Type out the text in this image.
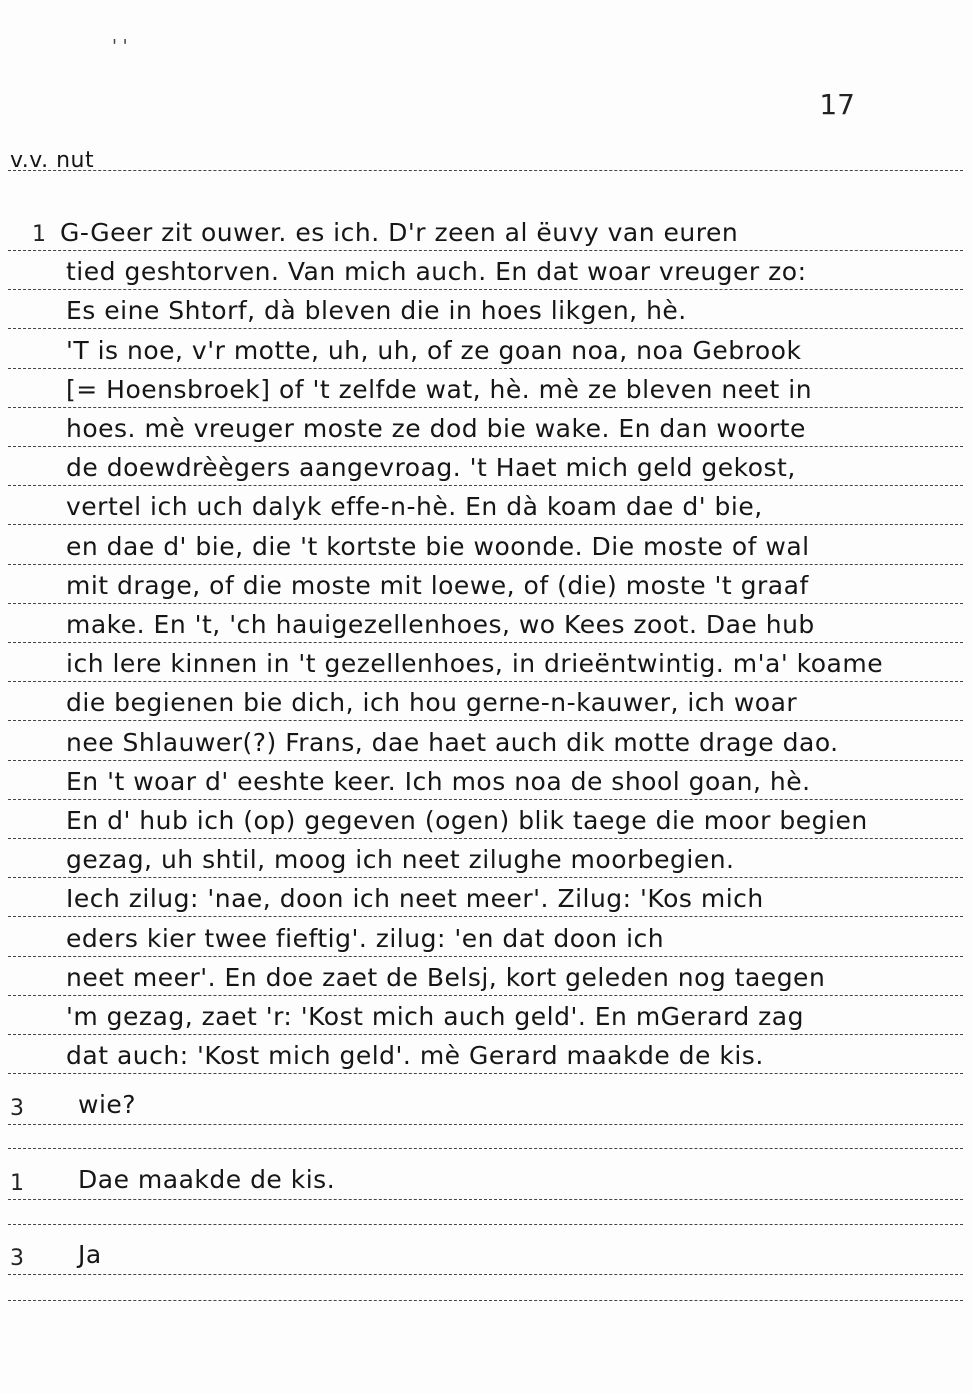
' '
17
v.v. nut
1 G-Geer zit ouwer. es ich. D'r zeen al ëuvy van euren
tied geshtorven. Van mich auch. En dat woar vreuger zo:
Es eine Shtorf, dà bleven die in hoes likgen, hè.
'T is noe, v'r motte, uh, uh, of ze goan noa, noa Gebrook
[= Hoensbroek] of 't zelfde wat, hè. mè ze bleven neet in
hoes. mè vreuger moste ze dod bie wake. En dan woorte
de doewdrèègers aangevroag. 't Haet mich geld gekost,
vertel ich uch dalyk effe-n-hè. En dà koam dae d' bie,
en dae d' bie, die 't kortste bie woonde. Die moste of wal
mit drage, of die moste mit loewe, of (die) moste 't graaf
make. En 't, 'ch hauigezellenhoes, wo Kees zoot. Dae hub
ich lere kinnen in 't gezellenhoes, in drieëntwintig. m'a' koame
die begienen bie dich, ich hou gerne-n-kauwer, ich woar
nee Shlauwer(?) Frans, dae haet auch dik motte drage dao.
En 't woar d' eeshte keer. Ich mos noa de shool goan, hè.
En d' hub ich (op) gegeven (ogen) blik taege die moor begien
gezag, uh shtil, moog ich neet zilughe moorbegien.
Iech zilug: 'nae, doon ich neet meer'. Zilug: 'Kos mich
eders kier twee fieftig'. zilug: 'en dat doon ich
neet meer'. En doe zaet de Belsj, kort geleden nog taegen
'm gezag, zaet 'r: 'Kost mich auch geld'. En mGerard zag
dat auch: 'Kost mich geld'. mè Gerard maakde de kis.
3 wie?
1 Dae maakde de kis.
3 Ja
